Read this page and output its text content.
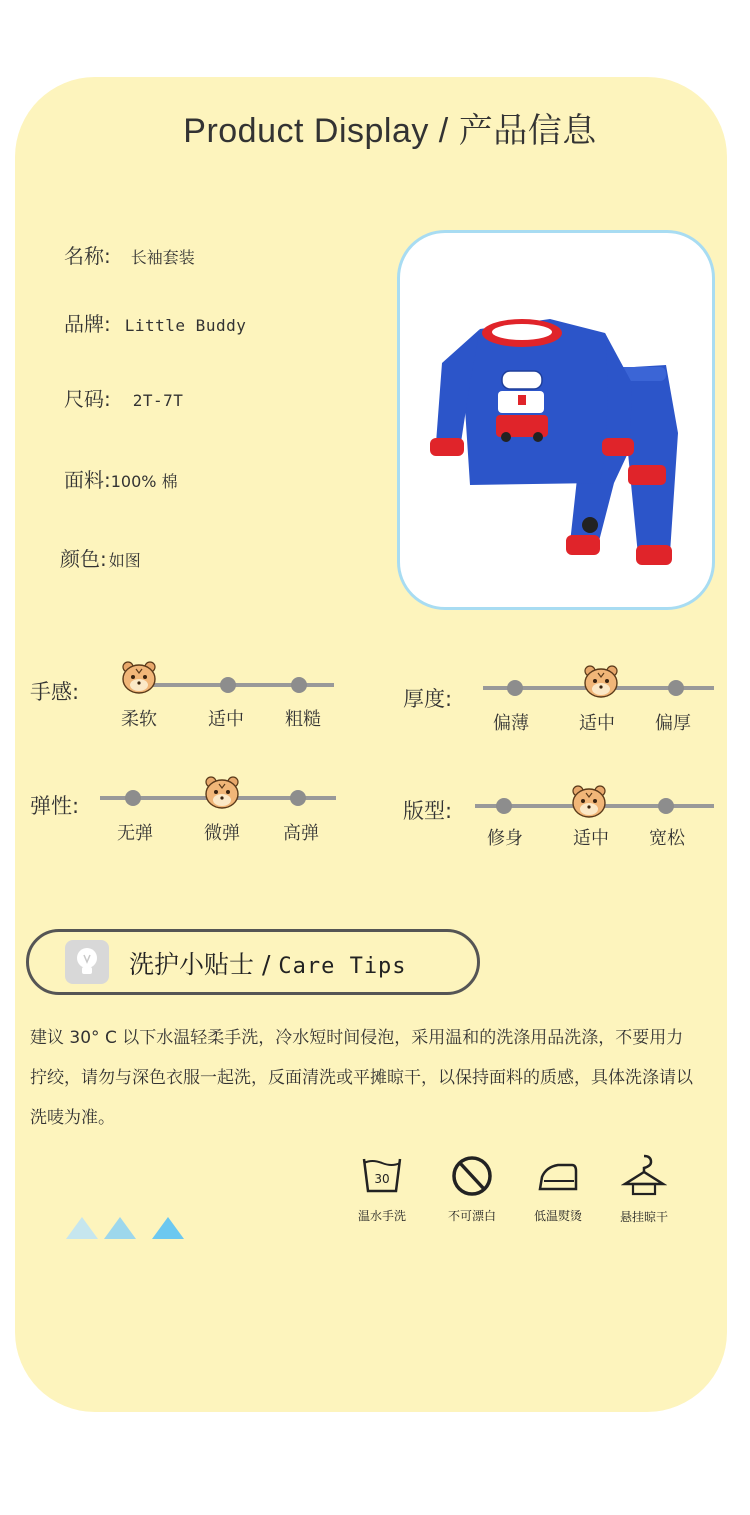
Product Display / 产品信息
名称: 长袖套装
品牌: Little Buddy
尺码: 2T-7T
面料:100% 棉
颜色: 如图
手感:
柔软	适中	粗糙
厚度:
偏薄	适中	偏厚
弹性:
无弹	微弹	高弹
版型:
修身	适中	宽松
洗护小贴士 / Care Tips
建议 30° C 以下水温轻柔手洗，冷水短时间侵泡，采用温和的洗涤用品洗涤，不要用力拧绞，请勿与深色衣服一起洗，反面清洗或平摊晾干，以保持面料的质感，具体洗涤请以洗唛为准。
30
温水手洗	不可漂白	低温熨烫	悬挂晾干
